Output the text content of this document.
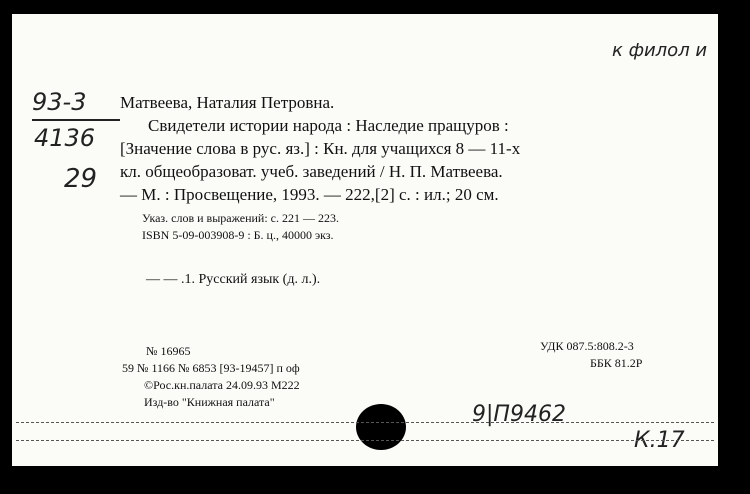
к филол и
93-3
4136
29
Матвеева, Наталия Петровна.
Свидетели истории народа : Наследие пращуров :
[Значение слова в рус. яз.] : Кн. для учащихся 8 — 11-х
кл. общеобразоват. учеб. заведений / Н. П. Матвеева.
— М. : Просвещение, 1993. — 222,[2] с. : ил.; 20 см.
Указ. слов и выражений: с. 221 — 223.
ISBN 5-09-003908-9 : Б. ц., 40000 экз.
— — .1. Русский язык (д. л.).
№ 16965
59 № 1166 № 6853 [93-19457] п оф
©Рос.кн.палата 24.09.93 М222
Изд-во "Книжная палата"
УДК 087.5:808.2-3
ББК 81.2Р
9|П9462
К.17
